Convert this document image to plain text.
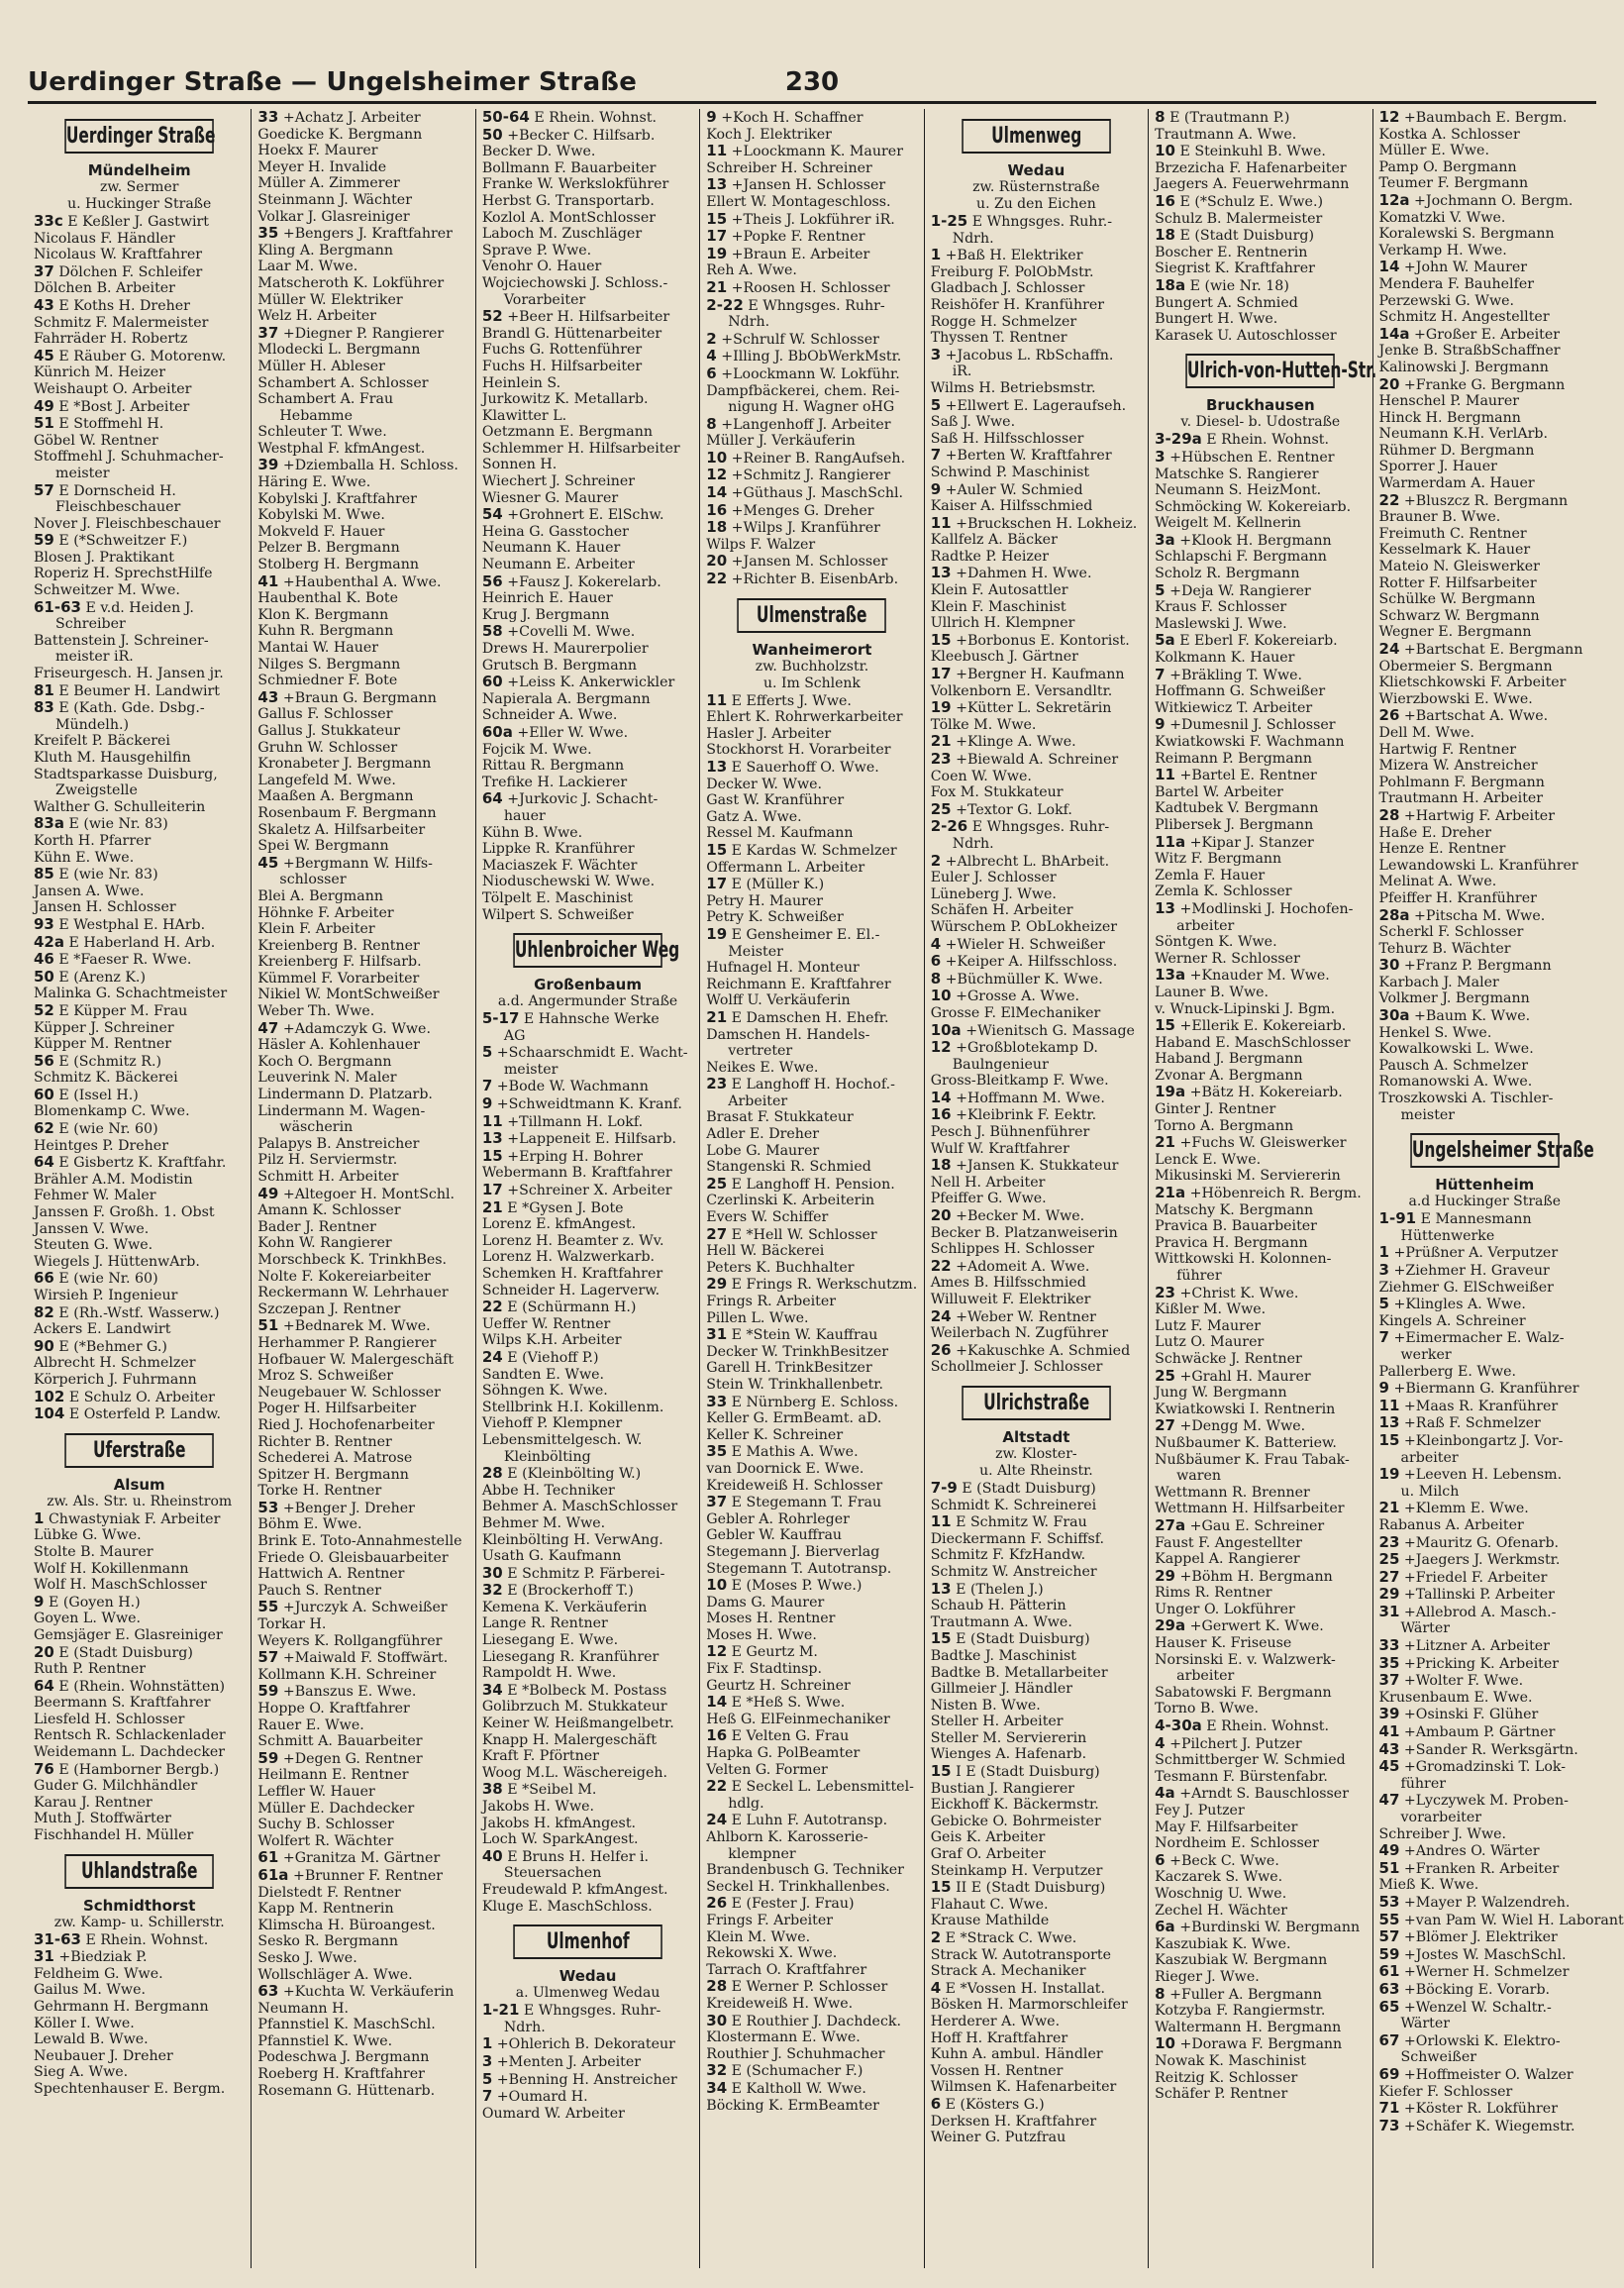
Uerdinger Straße — Ungelsheimer Straße	230
Uerdinger Straße
Mündelheim
zw. Sermer
u. Huckinger Straße
33c E Keßler J. Gastwirt
Nicolaus F. Händler
Nicolaus W. Kraftfahrer
37 Dölchen F. Schleifer
Dölchen B. Arbeiter
43 E Koths H. Dreher
Schmitz F. Malermeister
Fahrräder H. Robertz
45 E Räuber G. Motorenw.
Künrich M. Heizer
Weishaupt O. Arbeiter
49 E *Bost J. Arbeiter
51 E Stoffmehl H.
Göbel W. Rentner
Stoffmehl J. Schuhmacher-
meister
57 E Dornscheid H.
Fleischbeschauer
Nover J. Fleischbeschauer
59 E (*Schweitzer F.)
Blosen J. Praktikant
Roperiz H. SprechstHilfe
Schweitzer M. Wwe.
61-63 E v.d. Heiden J.
Schreiber
Battenstein J. Schreiner-
meister iR.
Friseurgesch. H. Jansen jr.
81 E Beumer H. Landwirt
83 E (Kath. Gde. Dsbg.-
Mündelh.)
Kreifelt P. Bäckerei
Kluth M. Hausgehilfin
Stadtsparkasse Duisburg,
Zweigstelle
Walther G. Schulleiterin
83a E (wie Nr. 83)
Korth H. Pfarrer
Kühn E. Wwe.
85 E (wie Nr. 83)
Jansen A. Wwe.
Jansen H. Schlosser
93 E Westphal E. HArb.
42a E Haberland H. Arb.
46 E *Faeser R. Wwe.
50 E (Arenz K.)
Malinka G. Schachtmeister
52 E Küpper M. Frau
Küpper J. Schreiner
Küpper M. Rentner
56 E (Schmitz R.)
Schmitz K. Bäckerei
60 E (Issel H.)
Blomenkamp C. Wwe.
62 E (wie Nr. 60)
Heintges P. Dreher
64 E Gisbertz K. Kraftfahr.
Brähler A.M. Modistin
Fehmer W. Maler
Janssen F. Großh. 1. Obst
Janssen V. Wwe.
Steuten G. Wwe.
Wiegels J. HüttenwArb.
66 E (wie Nr. 60)
Wirsieh P. Ingenieur
82 E (Rh.-Wstf. Wasserw.)
Ackers E. Landwirt
90 E (*Behmer G.)
Albrecht H. Schmelzer
Körperich J. Fuhrmann
102 E Schulz O. Arbeiter
104 E Osterfeld P. Landw.
Uferstraße
Alsum
zw. Als. Str. u. Rheinstrom
1 Chwastyniak F. Arbeiter
Lübke G. Wwe.
Stolte B. Maurer
Wolf H. Kokillenmann
Wolf H. MaschSchlosser
9 E (Goyen H.)
Goyen L. Wwe.
Gemsjäger E. Glasreiniger
20 E (Stadt Duisburg)
Ruth P. Rentner
64 E (Rhein. Wohnstätten)
Beermann S. Kraftfahrer
Liesfeld H. Schlosser
Rentsch R. Schlackenlader
Weidemann L. Dachdecker
76 E (Hamborner Bergb.)
Guder G. Milchhändler
Karau J. Rentner
Muth J. Stoffwärter
Fischhandel H. Müller
Uhlandstraße
Schmidthorst
zw. Kamp- u. Schillerstr.
31-63 E Rhein. Wohnst.
31 +Biedziak P.
Feldheim G. Wwe.
Gailus M. Wwe.
Gehrmann H. Bergmann
Köller I. Wwe.
Lewald B. Wwe.
Neubauer J. Dreher
Sieg A. Wwe.
Spechtenhauser E. Bergm.
33 +Achatz J. Arbeiter
Goedicke K. Bergmann
Hoekx F. Maurer
Meyer H. Invalide
Müller A. Zimmerer
Steinmann J. Wächter
Volkar J. Glasreiniger
35 +Bengers J. Kraftfahrer
Kling A. Bergmann
Laar M. Wwe.
Matscheroth K. Lokführer
Müller W. Elektriker
Welz H. Arbeiter
37 +Diegner P. Rangierer
Mlodecki L. Bergmann
Müller H. Ableser
Schambert A. Schlosser
Schambert A. Frau
Hebamme
Schleuter T. Wwe.
Westphal F. kfmAngest.
39 +Dziemballa H. Schloss.
Häring E. Wwe.
Kobylski J. Kraftfahrer
Kobylski M. Wwe.
Mokveld F. Hauer
Pelzer B. Bergmann
Stolberg H. Bergmann
41 +Haubenthal A. Wwe.
Haubenthal K. Bote
Klon K. Bergmann
Kuhn R. Bergmann
Mantai W. Hauer
Nilges S. Bergmann
Schmiedner F. Bote
43 +Braun G. Bergmann
Gallus F. Schlosser
Gallus J. Stukkateur
Gruhn W. Schlosser
Kronabeter J. Bergmann
Langefeld M. Wwe.
Maaßen A. Bergmann
Rosenbaum F. Bergmann
Skaletz A. Hilfsarbeiter
Spei W. Bergmann
45 +Bergmann W. Hilfs-
schlosser
Blei A. Bergmann
Höhnke F. Arbeiter
Klein F. Arbeiter
Kreienberg B. Rentner
Kreienberg F. Hilfsarb.
Kümmel F. Vorarbeiter
Nikiel W. MontSchweißer
Weber Th. Wwe.
47 +Adamczyk G. Wwe.
Häsler A. Kohlenhauer
Koch O. Bergmann
Leuverink N. Maler
Lindermann D. Platzarb.
Lindermann M. Wagen-
wäscherin
Palapys B. Anstreicher
Pilz H. Serviermstr.
Schmitt H. Arbeiter
49 +Altegoer H. MontSchl.
Amann K. Schlosser
Bader J. Rentner
Kohn W. Rangierer
Morschbeck K. TrinkhBes.
Nolte F. Kokereiarbeiter
Reckermann W. Lehrhauer
Szczepan J. Rentner
51 +Bednarek M. Wwe.
Herhammer P. Rangierer
Hofbauer W. Malergeschäft
Mroz S. Schweißer
Neugebauer W. Schlosser
Poger H. Hilfsarbeiter
Ried J. Hochofenarbeiter
Richter B. Rentner
Schederei A. Matrose
Spitzer H. Bergmann
Torke H. Rentner
53 +Benger J. Dreher
Böhm E. Wwe.
Brink E. Toto-Annahmestelle
Friede O. Gleisbauarbeiter
Hattwich A. Rentner
Pauch S. Rentner
55 +Jurczyk A. Schweißer
Torkar H.
Weyers K. Rollgangführer
57 +Maiwald F. Stoffwärt.
Kollmann K.H. Schreiner
59 +Banszus E. Wwe.
Hoppe O. Kraftfahrer
Rauer E. Wwe.
Schmitt A. Bauarbeiter
59 +Degen G. Rentner
Heilmann E. Rentner
Leffler W. Hauer
Müller E. Dachdecker
Suchy B. Schlosser
Wolfert R. Wächter
61 +Granitza M. Gärtner
61a +Brunner F. Rentner
Dielstedt F. Rentner
Kapp M. Rentnerin
Klimscha H. Büroangest.
Sesko R. Bergmann
Sesko J. Wwe.
Wollschläger A. Wwe.
63 +Kuchta W. Verkäuferin
Neumann H.
Pfannstiel K. MaschSchl.
Pfannstiel K. Wwe.
Podeschwa J. Bergmann
Roeberg H. Kraftfahrer
Rosemann G. Hüttenarb.
50-64 E Rhein. Wohnst.
50 +Becker C. Hilfsarb.
Becker D. Wwe.
Bollmann F. Bauarbeiter
Franke W. Werkslokführer
Herbst G. Transportarb.
Kozlol A. MontSchlosser
Laboch M. Zuschläger
Sprave P. Wwe.
Venohr O. Hauer
Wojciechowski J. Schloss.-
Vorarbeiter
52 +Beer H. Hilfsarbeiter
Brandl G. Hüttenarbeiter
Fuchs G. Rottenführer
Fuchs H. Hilfsarbeiter
Heinlein S.
Jurkowitz K. Metallarb.
Klawitter L.
Oetzmann E. Bergmann
Schlemmer H. Hilfsarbeiter
Sonnen H.
Wiechert J. Schreiner
Wiesner G. Maurer
54 +Grohnert E. ElSchw.
Heina G. Gasstocher
Neumann K. Hauer
Neumann E. Arbeiter
56 +Fausz J. Kokerelarb.
Heinrich E. Hauer
Krug J. Bergmann
58 +Covelli M. Wwe.
Drews H. Maurerpolier
Grutsch B. Bergmann
60 +Leiss K. Ankerwickler
Napierala A. Bergmann
Schneider A. Wwe.
60a +Eller W. Wwe.
Fojcik M. Wwe.
Rittau R. Bergmann
Trefike H. Lackierer
64 +Jurkovic J. Schacht-
hauer
Kühn B. Wwe.
Lippke R. Kranführer
Maciaszek F. Wächter
Nioduschewski W. Wwe.
Tölpelt E. Maschinist
Wilpert S. Schweißer
Uhlenbroicher Weg
Großenbaum
a.d. Angermunder Straße
5-17 E Hahnsche Werke
AG
5 +Schaarschmidt E. Wacht-
meister
7 +Bode W. Wachmann
9 +Schweidtmann K. Kranf.
11 +Tillmann H. Lokf.
13 +Lappeneit E. Hilfsarb.
15 +Erping H. Bohrer
Webermann B. Kraftfahrer
17 +Schreiner X. Arbeiter
21 E *Gysen J. Bote
Lorenz E. kfmAngest.
Lorenz H. Beamter z. Wv.
Lorenz H. Walzwerkarb.
Schemken H. Kraftfahrer
Schneider H. Lagerverw.
22 E (Schürmann H.)
Ueffer W. Rentner
Wilps K.H. Arbeiter
24 E (Viehoff P.)
Sandten E. Wwe.
Söhngen K. Wwe.
Stellbrink H.I. Kokillenm.
Viehoff P. Klempner
Lebensmittelgesch. W.
Kleinbölting
28 E (Kleinbölting W.)
Abbe H. Techniker
Behmer A. MaschSchlosser
Behmer M. Wwe.
Kleinbölting H. VerwAng.
Usath G. Kaufmann
30 E Schmitz P. Färberei-
32 E (Brockerhoff T.)
Kemena K. Verkäuferin
Lange R. Rentner
Liesegang E. Wwe.
Liesegang R. Kranführer
Rampoldt H. Wwe.
34 E *Bolbeck M. Postass
Golibrzuch M. Stukkateur
Keiner W. Heißmangelbetr.
Knapp H. Malergeschäft
Kraft F. Pförtner
Woog M.L. Wäschereigeh.
38 E *Seibel M.
Jakobs H. Wwe.
Jakobs H. kfmAngest.
Loch W. SparkAngest.
40 E Bruns H. Helfer i.
Steuersachen
Freudewald P. kfmAngest.
Kluge E. MaschSchloss.
Ulmenhof
Wedau
a. Ulmenweg Wedau
1-21 E Whngsges. Ruhr-
Ndrh.
1 +Ohlerich B. Dekorateur
3 +Menten J. Arbeiter
5 +Benning H. Anstreicher
7 +Oumard H.
Oumard W. Arbeiter
9 +Koch H. Schaffner
Koch J. Elektriker
11 +Loockmann K. Maurer
Schreiber H. Schreiner
13 +Jansen H. Schlosser
Ellert W. Montageschloss.
15 +Theis J. Lokführer iR.
17 +Popke F. Rentner
19 +Braun E. Arbeiter
Reh A. Wwe.
21 +Roosen H. Schlosser
2-22 E Whngsges. Ruhr-
Ndrh.
2 +Schrulf W. Schlosser
4 +Illing J. BbObWerkMstr.
6 +Loockmann W. Lokführ.
Dampfbäckerei, chem. Rei-
nigung H. Wagner oHG
8 +Langenhoff J. Arbeiter
Müller J. Verkäuferin
10 +Reiner B. RangAufseh.
12 +Schmitz J. Rangierer
14 +Güthaus J. MaschSchl.
16 +Menges G. Dreher
18 +Wilps J. Kranführer
Wilps F. Walzer
20 +Jansen M. Schlosser
22 +Richter B. EisenbArb.
Ulmenstraße
Wanheimerort
zw. Buchholzstr.
u. Im Schlenk
11 E Efferts J. Wwe.
Ehlert K. Rohrwerkarbeiter
Hasler J. Arbeiter
Stockhorst H. Vorarbeiter
13 E Sauerhoff O. Wwe.
Decker W. Wwe.
Gast W. Kranführer
Gatz A. Wwe.
Ressel M. Kaufmann
15 E Kardas W. Schmelzer
Offermann L. Arbeiter
17 E (Müller K.)
Petry H. Maurer
Petry K. Schweißer
19 E Gensheimer E. El.-
Meister
Hufnagel H. Monteur
Reichmann E. Kraftfahrer
Wolff U. Verkäuferin
21 E Damschen H. Ehefr.
Damschen H. Handels-
vertreter
Neikes E. Wwe.
23 E Langhoff H. Hochof.-
Arbeiter
Brasat F. Stukkateur
Adler E. Dreher
Lobe G. Maurer
Stangenski R. Schmied
25 E Langhoff H. Pension.
Czerlinski K. Arbeiterin
Evers W. Schiffer
27 E *Hell W. Schlosser
Hell W. Bäckerei
Peters K. Buchhalter
29 E Frings R. Werkschutzm.
Frings R. Arbeiter
Pillen L. Wwe.
31 E *Stein W. Kauffrau
Decker W. TrinkhBesitzer
Garell H. TrinkBesitzer
Stein W. Trinkhallenbetr.
33 E Nürnberg E. Schloss.
Keller G. ErmBeamt. aD.
Keller K. Schreiner
35 E Mathis A. Wwe.
van Doornick E. Wwe.
Kreideweiß H. Schlosser
37 E Stegemann T. Frau
Gebler A. Rohrleger
Gebler W. Kauffrau
Stegemann J. Bierverlag
Stegemann T. Autotransp.
10 E (Moses P. Wwe.)
Dams G. Maurer
Moses H. Rentner
Moses H. Wwe.
12 E Geurtz M.
Fix F. Stadtinsp.
Geurtz H. Schreiner
14 E *Heß S. Wwe.
Heß G. ElFeinmechaniker
16 E Velten G. Frau
Hapka G. PolBeamter
Velten G. Former
22 E Seckel L. Lebensmittel-
hdlg.
24 E Luhn F. Autotransp.
Ahlborn K. Karosserie-
klempner
Brandenbusch G. Techniker
Seckel H. Trinkhallenbes.
26 E (Fester J. Frau)
Frings F. Arbeiter
Klein M. Wwe.
Rekowski X. Wwe.
Tarrach O. Kraftfahrer
28 E Werner P. Schlosser
Kreideweiß H. Wwe.
30 E Routhier J. Dachdeck.
Klostermann E. Wwe.
Routhier J. Schuhmacher
32 E (Schumacher F.)
34 E Kaltholl W. Wwe.
Böcking K. ErmBeamter
Ulmenweg
Wedau
zw. Rüsternstraße
u. Zu den Eichen
1-25 E Whngsges. Ruhr.-
Ndrh.
1 +Baß H. Elektriker
Freiburg F. PolObMstr.
Gladbach J. Schlosser
Reishöfer H. Kranführer
Rogge H. Schmelzer
Thyssen T. Rentner
3 +Jacobus L. RbSchaffn.
iR.
Wilms H. Betriebsmstr.
5 +Ellwert E. Lageraufseh.
Saß J. Wwe.
Saß H. Hilfsschlosser
7 +Berten W. Kraftfahrer
Schwind P. Maschinist
9 +Auler W. Schmied
Kaiser A. Hilfsschmied
11 +Bruckschen H. Lokheiz.
Kallfelz A. Bäcker
Radtke P. Heizer
13 +Dahmen H. Wwe.
Klein F. Autosattler
Klein F. Maschinist
Ullrich H. Klempner
15 +Borbonus E. Kontorist.
Kleebusch J. Gärtner
17 +Bergner H. Kaufmann
Volkenborn E. Versandltr.
19 +Kütter L. Sekretärin
Tölke M. Wwe.
21 +Klinge A. Wwe.
23 +Biewald A. Schreiner
Coen W. Wwe.
Fox M. Stukkateur
25 +Textor G. Lokf.
2-26 E Whngsges. Ruhr-
Ndrh.
2 +Albrecht L. BhArbeit.
Euler J. Schlosser
Lüneberg J. Wwe.
Schäfen H. Arbeiter
Würschem P. ObLokheizer
4 +Wieler H. Schweißer
6 +Keiper A. Hilfsschloss.
8 +Büchmüller K. Wwe.
10 +Grosse A. Wwe.
Grosse F. ElMechaniker
10a +Wienitsch G. Massage
12 +Großblotekamp D.
Baulngenieur
Gross-Bleitkamp F. Wwe.
14 +Hoffmann M. Wwe.
16 +Kleibrink F. Eektr.
Pesch J. Bühnenführer
Wulf W. Kraftfahrer
18 +Jansen K. Stukkateur
Nell H. Arbeiter
Pfeiffer G. Wwe.
20 +Becker M. Wwe.
Becker B. Platzanweiserin
Schlippes H. Schlosser
22 +Adomeit A. Wwe.
Ames B. Hilfsschmied
Willuweit F. Elektriker
24 +Weber W. Rentner
Weilerbach N. Zugführer
26 +Kakuschke A. Schmied
Schollmeier J. Schlosser
Ulrichstraße
Altstadt
zw. Kloster-
u. Alte Rheinstr.
7-9 E (Stadt Duisburg)
Schmidt K. Schreinerei
11 E Schmitz W. Frau
Dieckermann F. Schiffsf.
Schmitz F. KfzHandw.
Schmitz W. Anstreicher
13 E (Thelen J.)
Schaub H. Pätterin
Trautmann A. Wwe.
15 E (Stadt Duisburg)
Badtke J. Maschinist
Badtke B. Metallarbeiter
Gillmeier J. Händler
Nisten B. Wwe.
Steller H. Arbeiter
Steller M. Serviererin
Wienges A. Hafenarb.
15 I E (Stadt Duisburg)
Bustian J. Rangierer
Eickhoff K. Bäckermstr.
Gebicke O. Bohrmeister
Geis K. Arbeiter
Graf O. Arbeiter
Steinkamp H. Verputzer
15 II E (Stadt Duisburg)
Flahaut C. Wwe.
Krause Mathilde
2 E *Strack C. Wwe.
Strack W. Autotransporte
Strack A. Mechaniker
4 E *Vossen H. Installat.
Bösken H. Marmorschleifer
Herderer A. Wwe.
Hoff H. Kraftfahrer
Kuhn A. ambul. Händler
Vossen H. Rentner
Wilmsen K. Hafenarbeiter
6 E (Kösters G.)
Derksen H. Kraftfahrer
Weiner G. Putzfrau
8 E (Trautmann P.)
Trautmann A. Wwe.
10 E Steinkuhl B. Wwe.
Brzezicha F. Hafenarbeiter
Jaegers A. Feuerwehrmann
16 E (*Schulz E. Wwe.)
Schulz B. Malermeister
18 E (Stadt Duisburg)
Boscher E. Rentnerin
Siegrist K. Kraftfahrer
18a E (wie Nr. 18)
Bungert A. Schmied
Bungert H. Wwe.
Karasek U. Autoschlosser
Ulrich-von-Hutten-Str.
Bruckhausen
v. Diesel- b. Udostraße
3-29a E Rhein. Wohnst.
3 +Hübschen E. Rentner
Matschke S. Rangierer
Neumann S. HeizMont.
Schmöcking W. Kokereiarb.
Weigelt M. Kellnerin
3a +Klook H. Bergmann
Schlapschi F. Bergmann
Scholz R. Bergmann
5 +Deja W. Rangierer
Kraus F. Schlosser
Maslewski J. Wwe.
5a E Eberl F. Kokereiarb.
Kolkmann K. Hauer
7 +Bräkling T. Wwe.
Hoffmann G. Schweißer
Witkiewicz T. Arbeiter
9 +Dumesnil J. Schlosser
Kwiatkowski F. Wachmann
Reimann P. Bergmann
11 +Bartel E. Rentner
Bartel W. Arbeiter
Kadtubek V. Bergmann
Plibersek J. Bergmann
11a +Kipar J. Stanzer
Witz F. Bergmann
Zemla F. Hauer
Zemla K. Schlosser
13 +Modlinski J. Hochofen-
arbeiter
Söntgen K. Wwe.
Werner R. Schlosser
13a +Knauder M. Wwe.
Launer B. Wwe.
v. Wnuck-Lipinski J. Bgm.
15 +Ellerik E. Kokereiarb.
Haband E. MaschSchlosser
Haband J. Bergmann
Zvonar A. Bergmann
19a +Bätz H. Kokereiarb.
Ginter J. Rentner
Torno A. Bergmann
21 +Fuchs W. Gleiswerker
Lenck E. Wwe.
Mikusinski M. Serviererin
21a +Höbenreich R. Bergm.
Matschy K. Bergmann
Pravica B. Bauarbeiter
Pravica H. Bergmann
Wittkowski H. Kolonnen-
führer
23 +Christ K. Wwe.
Kißler M. Wwe.
Lutz F. Maurer
Lutz O. Maurer
Schwäcke J. Rentner
25 +Grahl H. Maurer
Jung W. Bergmann
Kwiatkowski I. Rentnerin
27 +Dengg M. Wwe.
Nußbaumer K. Batteriew.
Nußbäumer K. Frau Tabak-
waren
Wettmann R. Brenner
Wettmann H. Hilfsarbeiter
27a +Gau E. Schreiner
Faust F. Angestellter
Kappel A. Rangierer
29 +Böhm H. Bergmann
Rims R. Rentner
Unger O. Lokführer
29a +Gerwert K. Wwe.
Hauser K. Friseuse
Norsinski E. v. Walzwerk-
arbeiter
Sabatowski F. Bergmann
Torno B. Wwe.
4-30a E Rhein. Wohnst.
4 +Pilchert J. Putzer
Schmittberger W. Schmied
Tesmann F. Bürstenfabr.
4a +Arndt S. Bauschlosser
Fey J. Putzer
May F. Hilfsarbeiter
Nordheim E. Schlosser
6 +Beck C. Wwe.
Kaczarek S. Wwe.
Woschnig U. Wwe.
Zechel H. Wächter
6a +Burdinski W. Bergmann
Kaszubiak K. Wwe.
Kaszubiak W. Bergmann
Rieger J. Wwe.
8 +Fuller A. Bergmann
Kotzyba F. Rangiermstr.
Waltermann H. Bergmann
10 +Dorawa F. Bergmann
Nowak K. Maschinist
Reitzig K. Schlosser
Schäfer P. Rentner
12 +Baumbach E. Bergm.
Kostka A. Schlosser
Müller E. Wwe.
Pamp O. Bergmann
Teumer F. Bergmann
12a +Jochmann O. Bergm.
Komatzki V. Wwe.
Koralewski S. Bergmann
Verkamp H. Wwe.
14 +John W. Maurer
Mendera F. Bauhelfer
Perzewski G. Wwe.
Schmitz H. Angestellter
14a +Großer E. Arbeiter
Jenke B. StraßbSchaffner
Kalinowski J. Bergmann
20 +Franke G. Bergmann
Henschel P. Maurer
Hinck H. Bergmann
Neumann K.H. VerlArb.
Rühmer D. Bergmann
Sporrer J. Hauer
Warmerdam A. Hauer
22 +Bluszcz R. Bergmann
Brauner B. Wwe.
Freimuth C. Rentner
Kesselmark K. Hauer
Mateio N. Gleiswerker
Rotter F. Hilfsarbeiter
Schülke W. Bergmann
Schwarz W. Bergmann
Wegner E. Bergmann
24 +Bartschat E. Bergmann
Obermeier S. Bergmann
Klietschkowski F. Arbeiter
Wierzbowski E. Wwe.
26 +Bartschat A. Wwe.
Dell M. Wwe.
Hartwig F. Rentner
Mizera W. Anstreicher
Pohlmann F. Bergmann
Trautmann H. Arbeiter
28 +Hartwig F. Arbeiter
Haße E. Dreher
Henze E. Rentner
Lewandowski L. Kranführer
Melinat A. Wwe.
Pfeiffer H. Kranführer
28a +Pitscha M. Wwe.
Scherkl F. Schlosser
Tehurz B. Wächter
30 +Franz P. Bergmann
Karbach J. Maler
Volkmer J. Bergmann
30a +Baum K. Wwe.
Henkel S. Wwe.
Kowalkowski L. Wwe.
Pausch A. Schmelzer
Romanowski A. Wwe.
Troszkowski A. Tischler-
meister
Ungelsheimer Straße
Hüttenheim
a.d Huckinger Straße
1-91 E Mannesmann
Hüttenwerke
1 +Prüßner A. Verputzer
3 +Ziehmer H. Graveur
Ziehmer G. ElSchweißer
5 +Klingles A. Wwe.
Kingels A. Schreiner
7 +Eimermacher E. Walz-
werker
Pallerberg E. Wwe.
9 +Biermann G. Kranführer
11 +Maas R. Kranführer
13 +Raß F. Schmelzer
15 +Kleinbongartz J. Vor-
arbeiter
19 +Leeven H. Lebensm.
u. Milch
21 +Klemm E. Wwe.
Rabanus A. Arbeiter
23 +Mauritz G. Ofenarb.
25 +Jaegers J. Werkmstr.
27 +Friedel F. Arbeiter
29 +Tallinski P. Arbeiter
31 +Allebrod A. Masch.-
Wärter
33 +Litzner A. Arbeiter
35 +Pricking K. Arbeiter
37 +Wolter F. Wwe.
Krusenbaum E. Wwe.
39 +Osinski F. Glüher
41 +Ambaum P. Gärtner
43 +Sander R. Werksgärtn.
45 +Gromadzinski T. Lok-
führer
47 +Lyczywek M. Proben-
vorarbeiter
Schreiber J. Wwe.
49 +Andres O. Wärter
51 +Franken R. Arbeiter
Mieß K. Wwe.
53 +Mayer P. Walzendreh.
55 +van Pam W. Wiel H. Laborant
57 +Blömer J. Elektriker
59 +Jostes W. MaschSchl.
61 +Werner H. Schmelzer
63 +Böcking E. Vorarb.
65 +Wenzel W. Schaltr.-
Wärter
67 +Orlowski K. Elektro-
Schweißer
69 +Hoffmeister O. Walzer
Kiefer F. Schlosser
71 +Köster R. Lokführer
73 +Schäfer K. Wiegemstr.
